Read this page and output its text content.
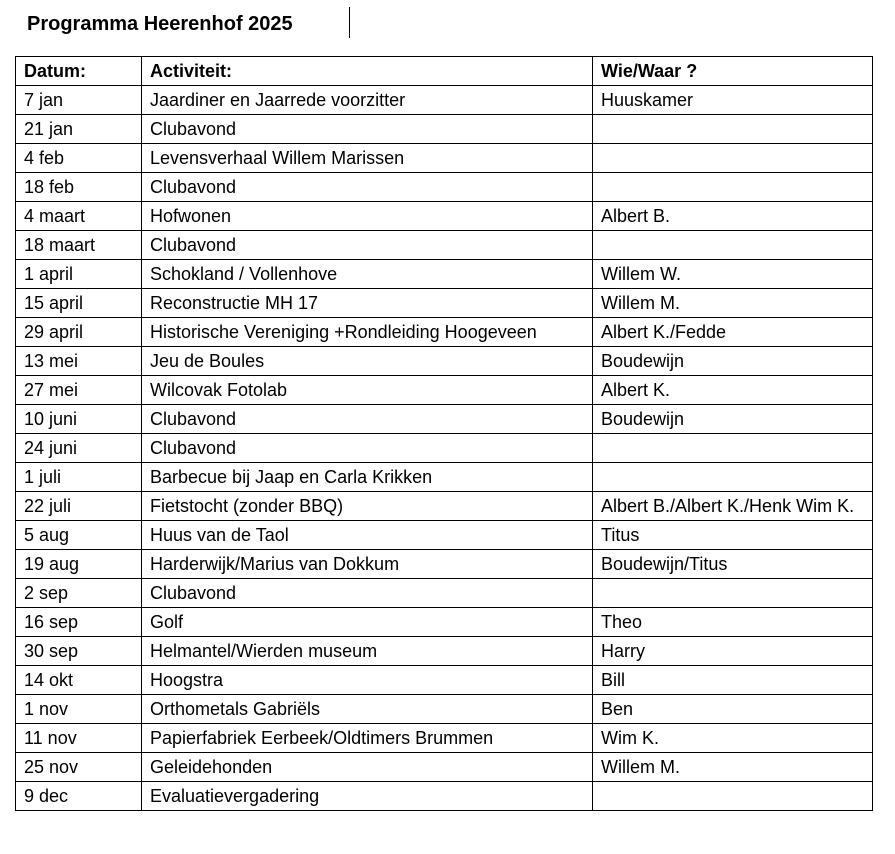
Programma Heerenhof 2025
Datum:	Activiteit:	Wie/Waar ?
7 jan	Jaardiner en Jaarrede voorzitter	Huuskamer
21 jan	Clubavond	
4 feb	Levensverhaal Willem Marissen	
18 feb	Clubavond	
4 maart	Hofwonen	Albert B.
18 maart	Clubavond	
1 april	Schokland / Vollenhove	Willem W.
15 april	Reconstructie MH 17	Willem M.
29 april	Historische Vereniging +Rondleiding Hoogeveen	Albert K./Fedde
13 mei	Jeu de Boules	Boudewijn
27 mei	Wilcovak Fotolab	Albert K.
10 juni	Clubavond	Boudewijn
24 juni	Clubavond	
1 juli	Barbecue bij Jaap en Carla Krikken	
22 juli	Fietstocht (zonder BBQ)	Albert B./Albert K./Henk Wim K.
5 aug	Huus van de Taol	Titus
19 aug	Harderwijk/Marius van Dokkum	Boudewijn/Titus
2 sep	Clubavond	
16 sep	Golf	Theo
30 sep	Helmantel/Wierden museum	Harry
14 okt	Hoogstra	Bill
1 nov	Orthometals Gabriëls	Ben
11 nov	Papierfabriek Eerbeek/Oldtimers Brummen	Wim K.
25 nov	Geleidehonden	Willem M.
9 dec	Evaluatievergadering	
